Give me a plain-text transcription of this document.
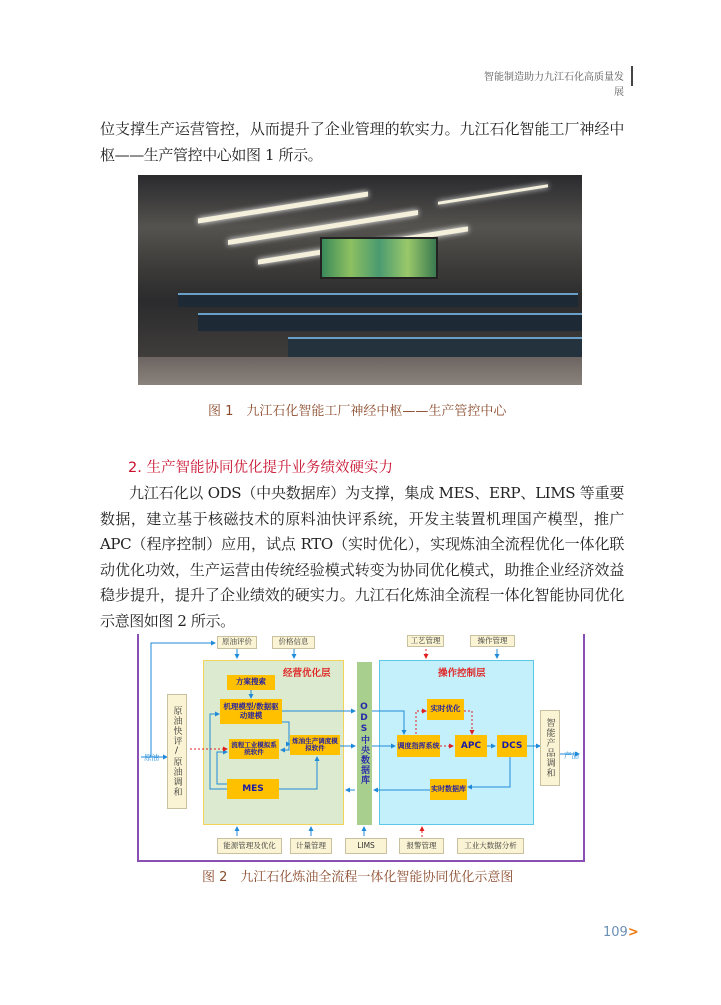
智能制造助力九江石化高质量发展

位支撑生产运营管控，从而提升了企业管理的软实力。九江石化智能工厂神经中枢——生产管控中心如图 1 所示。

图 1　九江石化智能工厂神经中枢——生产管控中心
2. 生产智能协同优化提升业务绩效硬实力

九江石化以 ODS（中央数据库）为支撑，集成 MES、ERP、LIMS 等重要数据，建立基于核磁技术的原料油快评系统，开发主装置机理国产模型，推广 APC（程序控制）应用，试点 RTO（实时优化），实现炼油全流程优化一体化联动优化功效，生产运营由传统经验模式转变为协同优化模式，助推企业经济效益稳步提升，提升了企业绩效的硬实力。九江石化炼油全流程一体化智能协同优化示意图如图 2 所示。

经营优化层	操作控制层
原油评价	价格信息	工艺管理	操作管理
原油	原油快评/原油调和
方案搜索
机理模型/数据驱动建模
流程工业模拟系统软件
炼油生产调度模拟软件
MES
ODS中央数据库	实时优化
调度指挥系统	APC	DCS
实时数据库
智能产品调和	产品
能源管理及优化	计量管理	LIMS	报警管理	工业大数据分析
图 2　九江石化炼油全流程一体化智能协同优化示意图
109>
